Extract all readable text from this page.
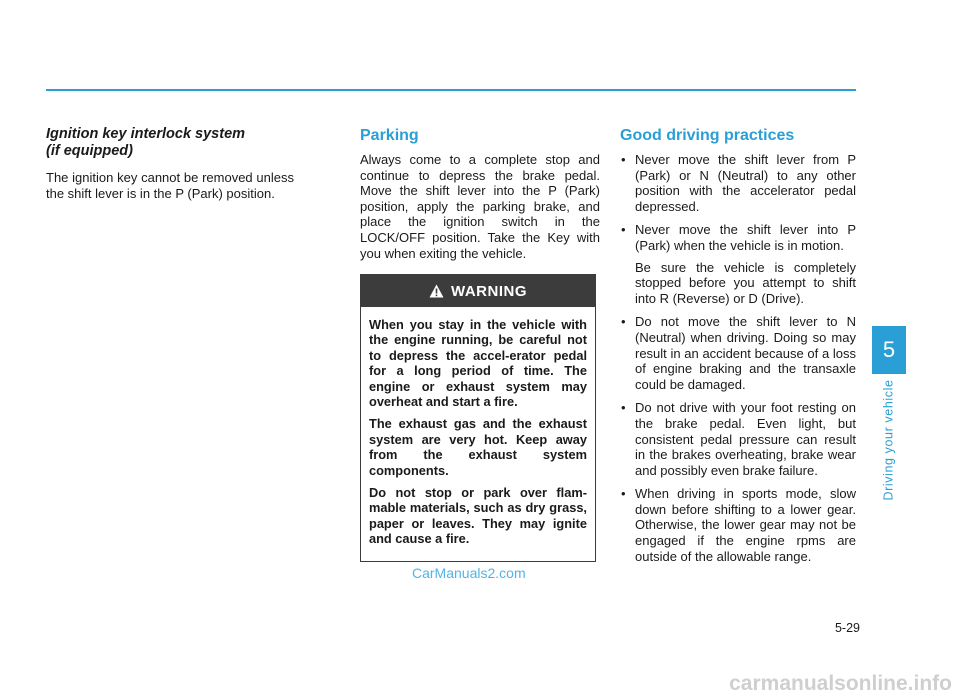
Ignition key interlock system
(if equipped)

The ignition key cannot be removed unless the shift lever is in the P (Park) position.

Parking

Always come to a complete stop and continue to depress the brake pedal. Move the shift lever into the P (Park) position, apply the parking brake, and place the ignition switch in the LOCK/OFF position. Take the Key with you when exiting the vehicle.

WARNING

When you stay in the vehicle with the engine running, be careful not to depress the accel-erator pedal for a long period of time. The engine or exhaust system may overheat and start a fire.

The exhaust gas and the exhaust system are very hot. Keep away from the exhaust system components.

Do not stop or park over flam-mable materials, such as dry grass, paper or leaves. They may ignite and cause a fire.

CarManuals2.com
Good driving practices
• Never move the shift lever from P (Park) or N (Neutral) to any other position with the accelerator pedal depressed.

• Never move the shift lever into P (Park) when the vehicle is in motion.

Be sure the vehicle is completely stopped before you attempt to shift into R (Reverse) or D (Drive).

• Do not move the shift lever to N (Neutral) when driving. Doing so may result in an accident because of a loss of engine braking and the transaxle could be damaged.

• Do not drive with your foot resting on the brake pedal. Even light, but consistent pedal pressure can result in the brakes overheating, brake wear and possibly even brake failure.

• When driving in sports mode, slow down before shifting to a lower gear. Otherwise, the lower gear may not be engaged if the engine rpms are outside of the allowable range.

5
Driving your vehicle
5-29
carmanualsonline.info
